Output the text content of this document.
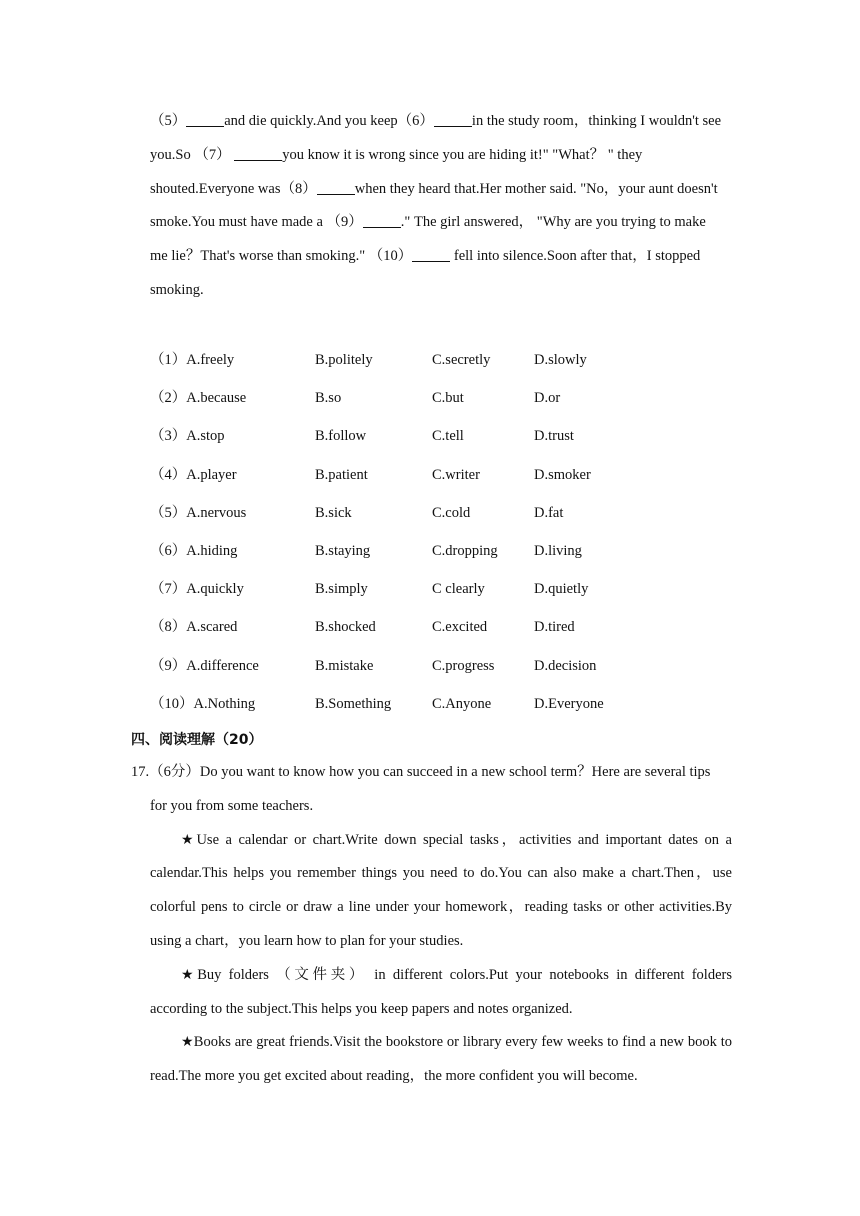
（5）	and die quickly.And you keep（6）	in the study room，thinking I wouldn't see

you.So （7）	you know it is wrong since you are hiding it!" "What？ " they

shouted.Everyone was（8）	when they heard that.Her mother said. "No，your aunt doesn't

smoke.You must have made a （9）	." The girl answered， "Why are you trying to make

me lie？That's worse than smoking." （10）	fell into silence.Soon after that，I stopped

smoking.

（1）A.freely	B.politely	C.secretly	D.slowly
（2）A.because	B.so	C.but	D.or
（3）A.stop	B.follow	C.tell	D.trust
（4）A.player	B.patient	C.writer	D.smoker
（5）A.nervous	B.sick	C.cold	D.fat
（6）A.hiding	B.staying	C.dropping	D.living
（7）A.quickly	B.simply	C clearly	D.quietly
（8）A.scared	B.shocked	C.excited	D.tired
（9）A.difference	B.mistake	C.progress	D.decision
（10）A.Nothing	B.Something	C.Anyone	D.Everyone
四、阅读理解（20）

17.（6分）Do you want to know how you can succeed in a new school term？Here are several tips

for you from some teachers.

★Use a calendar or chart.Write down special tasks，activities and important dates on a calendar.This helps you remember things you need to do.You can also make a chart.Then，use colorful pens to circle or draw a line under your homework，reading tasks or other activities.By using a chart，you learn how to plan for your studies.

★Buy folders （文件夹） in different colors.Put your notebooks in different folders according to the subject.This helps you keep papers and notes organized.

★Books are great friends.Visit the bookstore or library every few weeks to find a new book to read.The more you get excited about reading，the more confident you will become.
